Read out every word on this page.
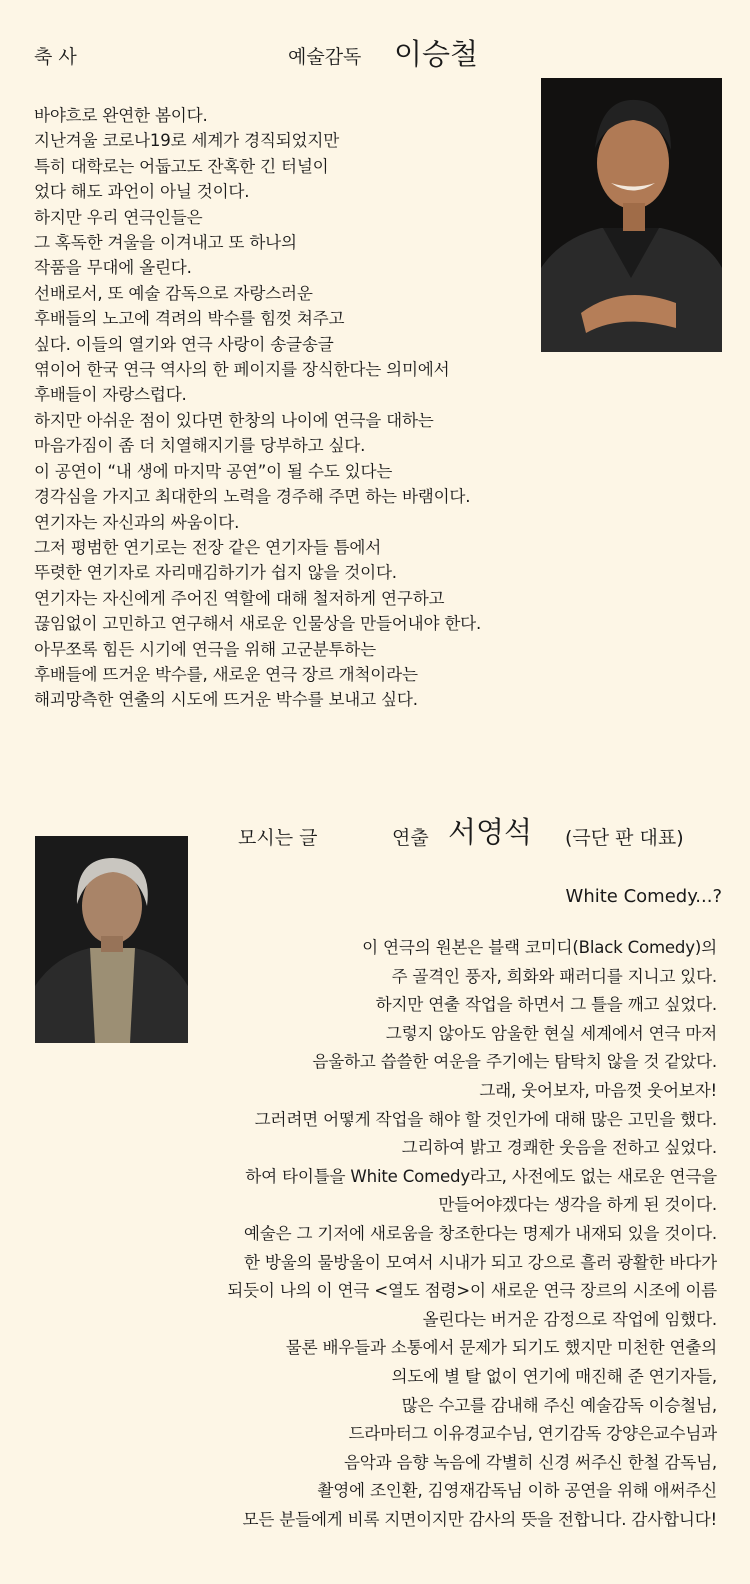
축 사	예술감독 이승철
바야흐로 완연한 봄이다.
지난겨울 코로나19로 세계가 경직되었지만
특히 대학로는 어둡고도 잔혹한 긴 터널이
었다 해도 과언이 아닐 것이다.
하지만 우리 연극인들은
그 혹독한 겨울을 이겨내고 또 하나의
작품을 무대에 올린다.
선배로서, 또 예술 감독으로 자랑스러운
후배들의 노고에 격려의 박수를 힘껏 쳐주고
싶다. 이들의 열기와 연극 사랑이 송글송글
엮이어 한국 연극 역사의 한 페이지를 장식한다는 의미에서
후배들이 자랑스럽다.
하지만 아쉬운 점이 있다면 한창의 나이에 연극을 대하는
마음가짐이 좀 더 치열해지기를 당부하고 싶다.
이 공연이 “내 생에 마지막 공연”이 될 수도 있다는
경각심을 가지고 최대한의 노력을 경주해 주면 하는 바램이다.
연기자는 자신과의 싸움이다.
그저 평범한 연기로는 전장 같은 연기자들 틈에서
뚜렷한 연기자로 자리매김하기가 쉽지 않을 것이다.
연기자는 자신에게 주어진 역할에 대해 철저하게 연구하고
끊임없이 고민하고 연구해서 새로운 인물상을 만들어내야 한다.
아무쪼록 힘든 시기에 연극을 위해 고군분투하는
후배들에 뜨거운 박수를, 새로운 연극 장르 개척이라는
해괴망측한 연출의 시도에 뜨거운 박수를 보내고 싶다.
모시는 글	연출 서영석 (극단 판 대표)
White Comedy...?
이 연극의 원본은 블랙 코미디(Black Comedy)의
주 골격인 풍자, 희화와 패러디를 지니고 있다.
하지만 연출 작업을 하면서 그 틀을 깨고 싶었다.
그렇지 않아도 암울한 현실 세계에서 연극 마저
음울하고 씁쓸한 여운을 주기에는 탐탁치 않을 것 같았다.
그래, 웃어보자, 마음껏 웃어보자!
그러려면 어떻게 작업을 해야 할 것인가에 대해 많은 고민을 했다.
그리하여 밝고 경쾌한 웃음을 전하고 싶었다.
하여 타이틀을 White Comedy라고, 사전에도 없는 새로운 연극을
만들어야겠다는 생각을 하게 된 것이다.
예술은 그 기저에 새로움을 창조한다는 명제가 내재되 있을 것이다.
한 방울의 물방울이 모여서 시내가 되고 강으로 흘러 광활한 바다가
되듯이 나의 이 연극 <열도 점령>이 새로운 연극 장르의 시조에 이름
올린다는 버거운 감정으로 작업에 임했다.
물론 배우들과 소통에서 문제가 되기도 했지만 미천한 연출의
의도에 별 탈 없이 연기에 매진해 준 연기자들,
많은 수고를 감내해 주신 예술감독 이승철님,
드라마터그 이유경교수님, 연기감독 강양은교수님과
음악과 음향 녹음에 각별히 신경 써주신 한철 감독님,
촬영에 조인환, 김영재감독님 이하 공연을 위해 애써주신
모든 분들에게 비록 지면이지만 감사의 뜻을 전합니다. 감사합니다!
